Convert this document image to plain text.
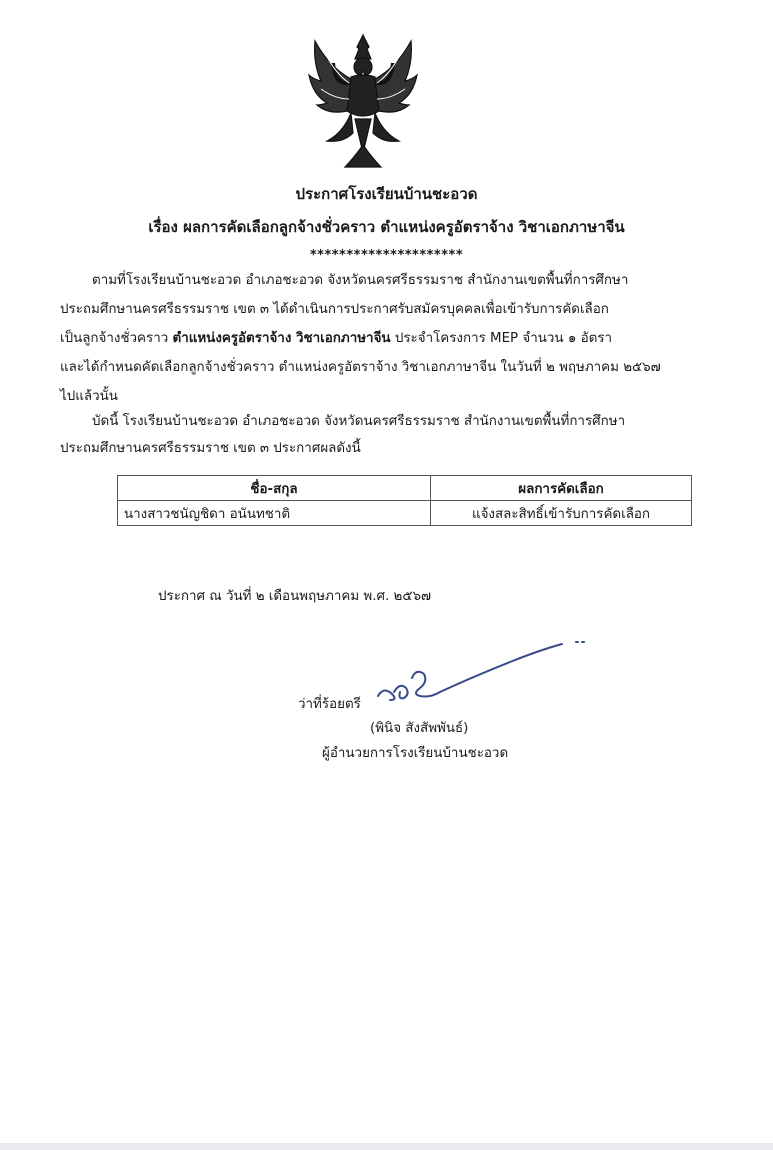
ประกาศโรงเรียนบ้านชะอวด

เรื่อง ผลการคัดเลือกลูกจ้างชั่วคราว ตำแหน่งครูอัตราจ้าง วิชาเอกภาษาจีน

*********************

ตามที่โรงเรียนบ้านชะอวด อำเภอชะอวด จังหวัดนครศรีธรรมราช สำนักงานเขตพื้นที่การศึกษา

ประถมศึกษานครศรีธรรมราช เขต ๓ ได้ดำเนินการประกาศรับสมัครบุคคลเพื่อเข้ารับการคัดเลือก

เป็นลูกจ้างชั่วคราว ตำแหน่งครูอัตราจ้าง วิชาเอกภาษาจีน ประจำโครงการ MEP จำนวน ๑ อัตรา

และได้กำหนดคัดเลือกลูกจ้างชั่วคราว ตำแหน่งครูอัตราจ้าง วิชาเอกภาษาจีน ในวันที่ ๒ พฤษภาคม ๒๕๖๗

ไปแล้วนั้น

บัดนี้ โรงเรียนบ้านชะอวด อำเภอชะอวด จังหวัดนครศรีธรรมราช สำนักงานเขตพื้นที่การศึกษา

ประถมศึกษานครศรีธรรมราช เขต ๓ ประกาศผลดังนี้

ชื่อ-สกุล	ผลการคัดเลือก
นางสาวชนัญชิดา อนันทชาติ	แจ้งสละสิทธิ์เข้ารับการคัดเลือก

ประกาศ ณ วันที่ ๒ เดือนพฤษภาคม พ.ศ. ๒๕๖๗

ว่าที่ร้อยตรี

(พินิจ สังสัพพันธ์)

ผู้อำนวยการโรงเรียนบ้านชะอวด
